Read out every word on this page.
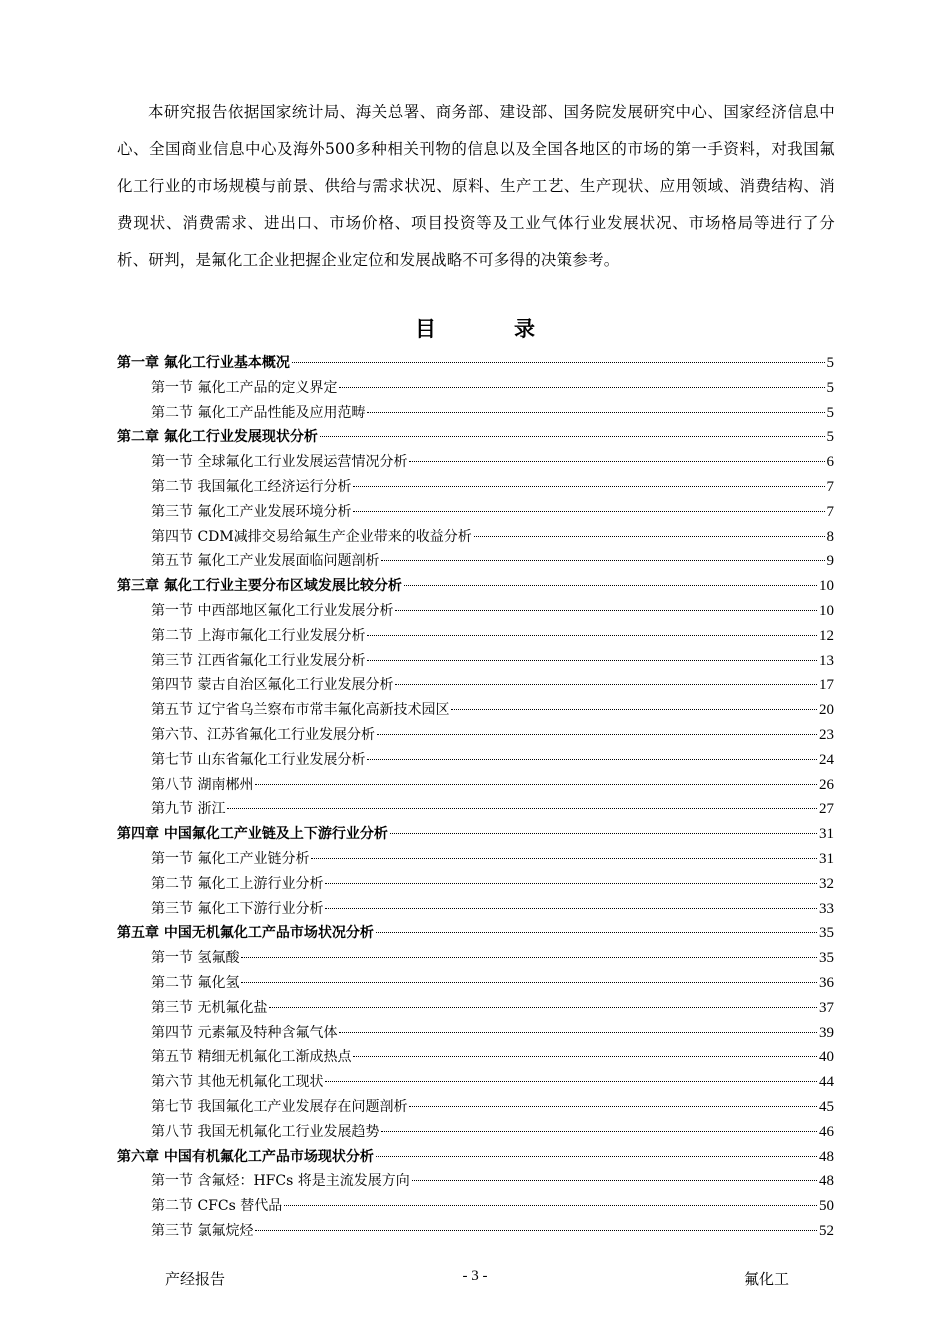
本研究报告依据国家统计局、海关总署、商务部、建设部、国务院发展研究中心、国家经济信息中心、全国商业信息中心及海外500多种相关刊物的信息以及全国各地区的市场的第一手资料，对我国氟化工行业的市场规模与前景、供给与需求状况、原料、生产工艺、生产现状、应用领域、消费结构、消费现状、消费需求、进出口、市场价格、项目投资等及工业气体行业发展状况、市场格局等进行了分析、研判，是氟化工企业把握企业定位和发展战略不可多得的决策参考。

目录
第一章 氟化工行业基本概况	5
第一节 氟化工产品的定义界定	5
第二节 氟化工产品性能及应用范畴	5
第二章 氟化工行业发展现状分析	5
第一节 全球氟化工行业发展运营情况分析	6
第二节 我国氟化工经济运行分析	7
第三节 氟化工产业发展环境分析	7
第四节 CDM减排交易给氟生产企业带来的收益分析	8
第五节 氟化工产业发展面临问题剖析	9
第三章 氟化工行业主要分布区域发展比较分析	10
第一节 中西部地区氟化工行业发展分析	10
第二节 上海市氟化工行业发展分析	12
第三节 江西省氟化工行业发展分析	13
第四节 蒙古自治区氟化工行业发展分析	17
第五节 辽宁省乌兰察布市常丰氟化高新技术园区	20
第六节、江苏省氟化工行业发展分析	23
第七节 山东省氟化工行业发展分析	24
第八节 湖南郴州	26
第九节 浙江	27
第四章 中国氟化工产业链及上下游行业分析	31
第一节 氟化工产业链分析	31
第二节 氟化工上游行业分析	32
第三节 氟化工下游行业分析	33
第五章 中国无机氟化工产品市场状况分析	35
第一节 氢氟酸	35
第二节 氟化氢	36
第三节 无机氟化盐	37
第四节 元素氟及特种含氟气体	39
第五节 精细无机氟化工渐成热点	40
第六节 其他无机氟化工现状	44
第七节 我国氟化工产业发展存在问题剖析	45
第八节 我国无机氟化工行业发展趋势	46
第六章 中国有机氟化工产品市场现状分析	48
第一节 含氟烃：HFCs 将是主流发展方向	48
第二节 CFCs 替代品	50
第三节 氯氟烷烃	52
产经报告	- 3 -	氟化工
